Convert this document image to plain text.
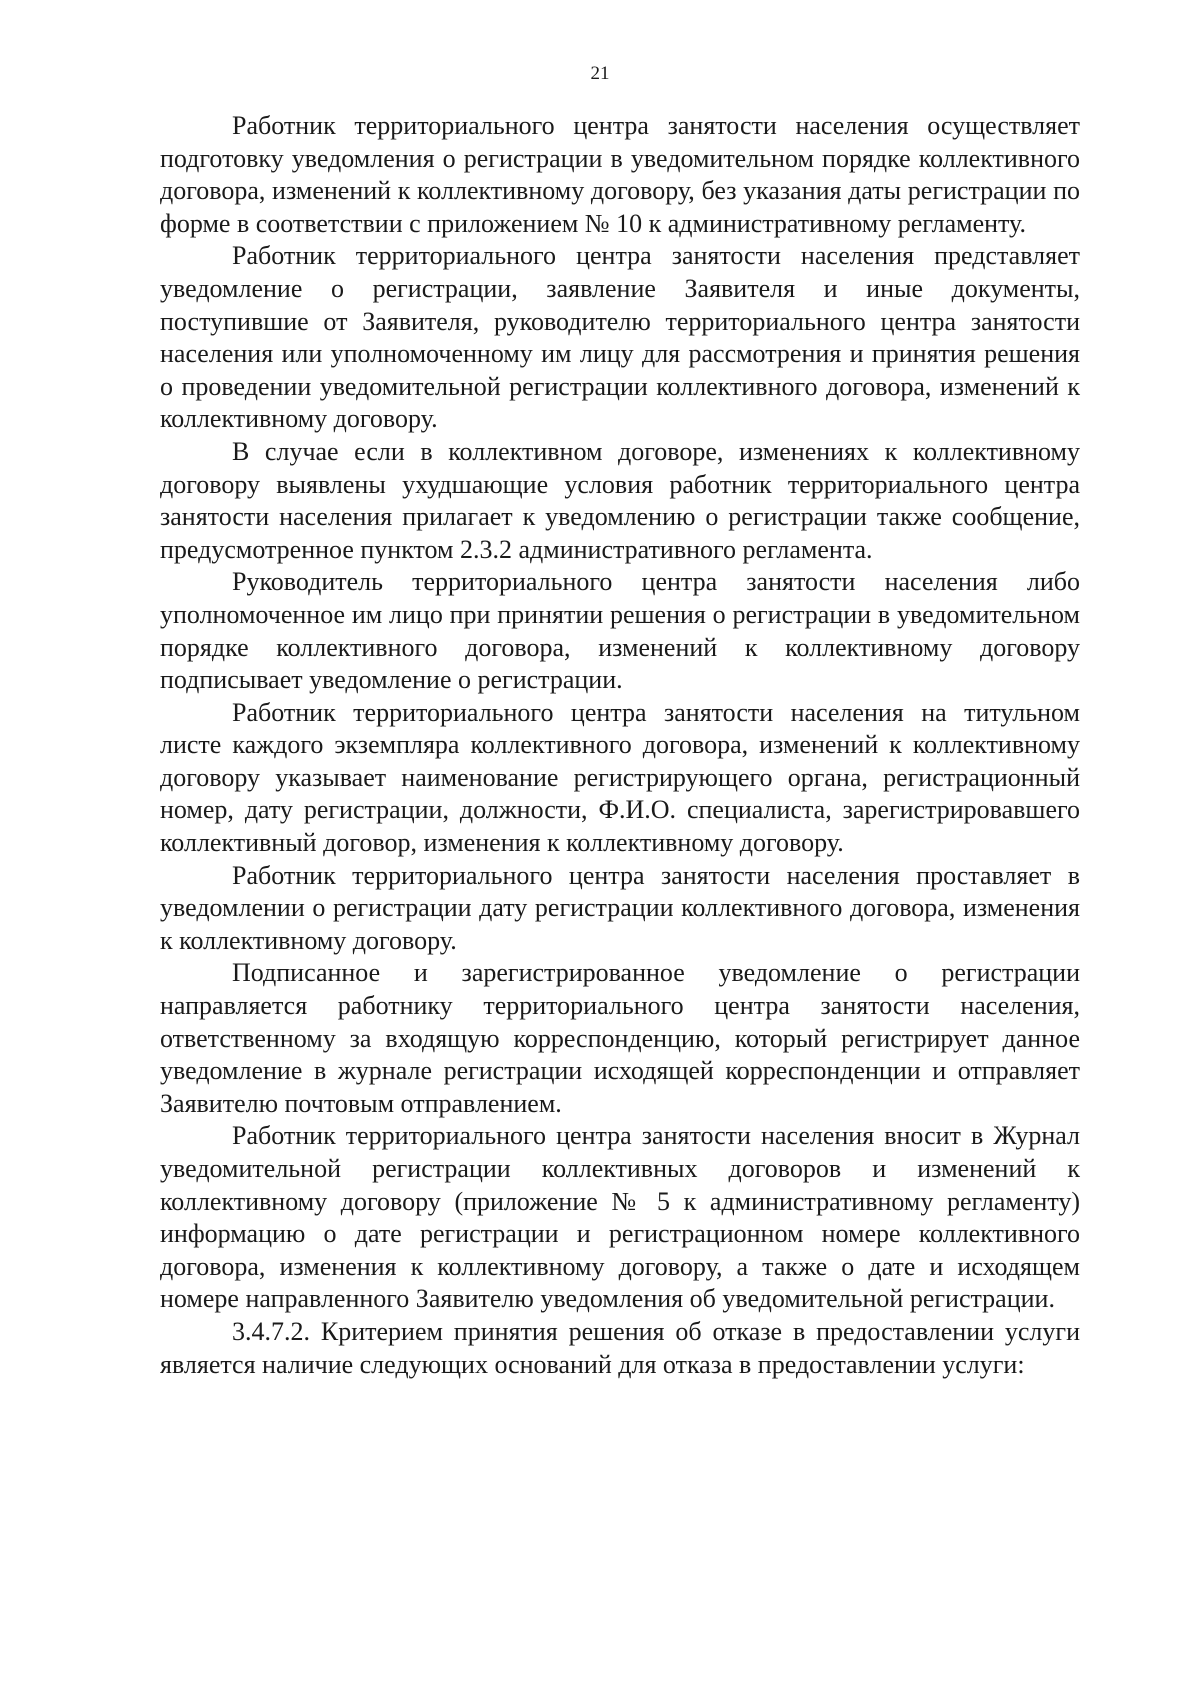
21

Работник территориального центра занятости населения осуществляет подготовку уведомления о регистрации в уведомительном порядке коллективного договора, изменений к коллективному договору, без указания даты регистрации по форме в соответствии с приложением № 10 к административному регламенту.

Работник территориального центра занятости населения представляет уведомление о регистрации, заявление Заявителя и иные документы, поступившие от Заявителя, руководителю территориального центра занятости населения или уполномоченному им лицу для рассмотрения и принятия решения о проведении уведомительной регистрации коллективного договора, изменений к коллективному договору.

В случае если в коллективном договоре, изменениях к коллективному договору выявлены ухудшающие условия работник территориального центра занятости населения прилагает к уведомлению о регистрации также сообщение, предусмотренное пунктом 2.3.2 административного регламента.

Руководитель территориального центра занятости населения либо уполномоченное им лицо при принятии решения о регистрации в уведомительном порядке коллективного договора, изменений к коллективному договору подписывает уведомление о регистрации.

Работник территориального центра занятости населения на титульном листе каждого экземпляра коллективного договора, изменений к коллективному договору указывает наименование регистрирующего органа, регистрационный номер, дату регистрации, должности, Ф.И.О. специалиста, зарегистрировавшего коллективный договор, изменения к коллективному договору.

Работник территориального центра занятости населения проставляет в уведомлении о регистрации дату регистрации коллективного договора, изменения к коллективному договору.

Подписанное и зарегистрированное уведомление о регистрации направляется работнику территориального центра занятости населения, ответственному за входящую корреспонденцию, который регистрирует данное уведомление в журнале регистрации исходящей корреспонденции и отправляет Заявителю почтовым отправлением.

Работник территориального центра занятости населения вносит в Журнал уведомительной регистрации коллективных договоров и изменений к коллективному договору (приложение № 5 к административному регламенту) информацию о дате регистрации и регистрационном номере коллективного договора, изменения к коллективному договору, а также о дате и исходящем номере направленного Заявителю уведомления об уведомительной регистрации.

3.4.7.2. Критерием принятия решения об отказе в предоставлении услуги является наличие следующих оснований для отказа в предоставлении услуги:
